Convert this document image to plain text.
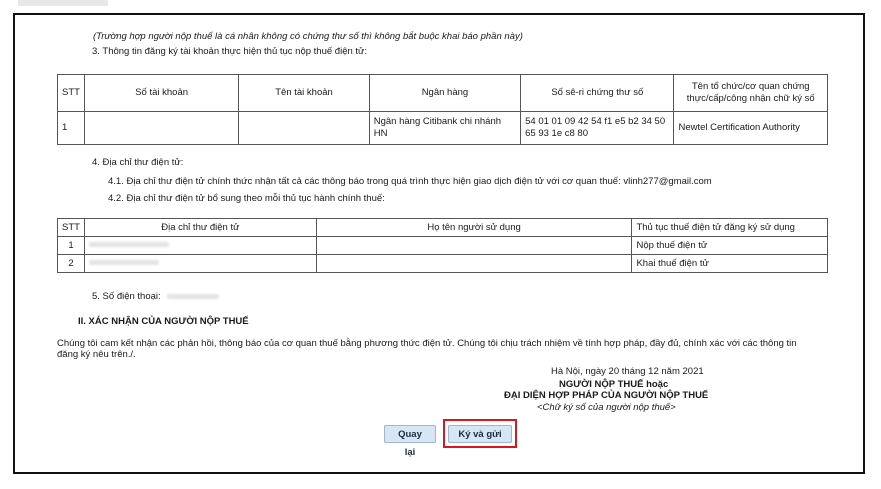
(Trường hợp người nộp thuế là cá nhân không có chứng thư số thì không bắt buộc khai báo phần này)
3. Thông tin đăng ký tài khoản thực hiện thủ tục nộp thuế điện tử:
STT	Số tài khoản	Tên tài khoản	Ngân hàng	Số sê-ri chứng thư số	Tên tổ chức/cơ quan chứng thực/cấp/công nhận chữ ký số
1			Ngân hàng Citibank chi nhánh HN	54 01 01 09 42 54 f1 e5 b2 34 50 65 93 1e c8 80	Newtel Certification Authority
4. Địa chỉ thư điện tử:
4.1. Địa chỉ thư điện tử chính thức nhận tất cả các thông báo trong quá trình thực hiện giao dịch điện tử với cơ quan thuế: vlinh277@gmail.com
4.2. Địa chỉ thư điện tử bổ sung theo mỗi thủ tục hành chính thuế:
STT	Địa chỉ thư điện tử	Họ tên người sử dụng	Thủ tục thuế điện tử đăng ký sử dụng
1			Nộp thuế điện tử
2			Khai thuế điện tử
5. Số điện thoại:
II. XÁC NHẬN CỦA NGƯỜI NỘP THUẾ
Chúng tôi cam kết nhận các phản hồi, thông báo của cơ quan thuế bằng phương thức điện tử. Chúng tôi chịu trách nhiệm về tính hợp pháp, đầy đủ, chính xác với các thông tin
đăng ký nêu trên./.
Hà Nội, ngày 20 tháng 12 năm 2021
NGƯỜI NỘP THUẾ hoặc
ĐẠI DIỆN HỢP PHÁP CỦA NGƯỜI NỘP THUẾ
<Chữ ký số của người nộp thuế>
Quay lại
Ký và gửi
